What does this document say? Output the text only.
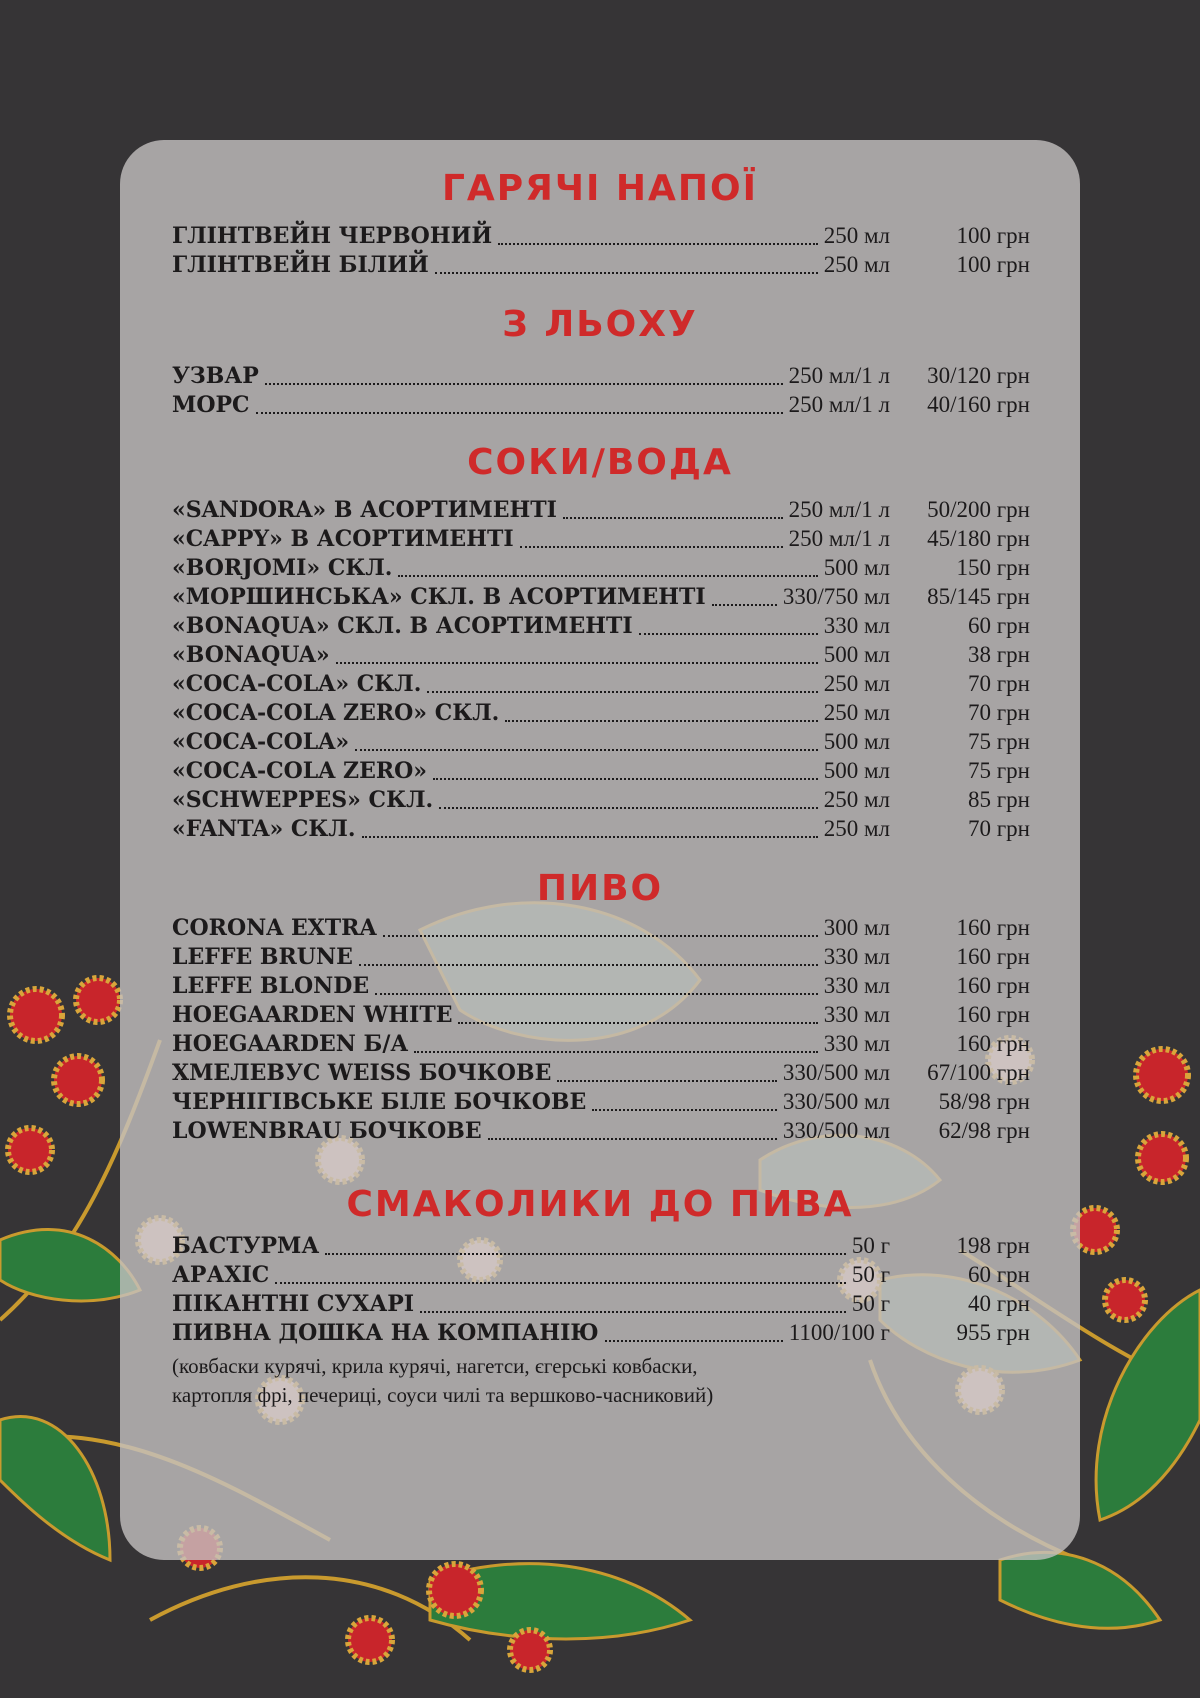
ГАРЯЧІ НАПОЇ
ГЛІНТВЕЙН ЧЕРВОНИЙ	250 мл	100 грн
ГЛІНТВЕЙН БІЛИЙ	250 мл	100 грн
З ЛЬОХУ
УЗВАР	250 мл/1 л 30/120 грн
МОРС	250 мл/1 л 40/160 грн
СОКИ/ВОДА
«SANDORA» В АСОРТИМЕНТІ	250 мл/1 л 50/200 грн
«CAPPY» В АСОРТИМЕНТІ	250 мл/1 л 45/180 грн
«BORJOMI» СКЛ.	500 мл	150 грн
«МОРШИНСЬКА» СКЛ. В АСОРТИМЕНТІ	330/750 мл 85/145 грн
«BONAQUA» СКЛ. В АСОРТИМЕНТІ	330 мл	60 грн
«BONAQUA»	500 мл	38 грн
«COCA-COLA» СКЛ.	250 мл	70 грн
«COCA-COLA ZERO» СКЛ.	250 мл	70 грн
«COCA-COLA»	500 мл	75 грн
«COCA-COLA ZERO»	500 мл	75 грн
«SCHWEPPES» СКЛ.	250 мл	85 грн
«FANTA» СКЛ.	250 мл	70 грн
ПИВО
CORONA EXTRA	300 мл	160 грн
LEFFE BRUNE	330 мл	160 грн
LEFFE BLONDE	330 мл	160 грн
HOEGAARDEN WHITE	330 мл	160 грн
HOEGAARDEN Б/А	330 мл	160 грн
ХМЕЛЕВУС WEISS БОЧКОВЕ	330/500 мл 67/100 грн
ЧЕРНІГІВСЬКЕ БІЛЕ БОЧКОВЕ	330/500 мл 58/98 грн
LOWENBRAU БОЧКОВЕ	330/500 мл 62/98 грн
СМАКОЛИКИ ДО ПИВА
БАСТУРМА	50 г	198 грн
АРАХІС	50 г	60 грн
ПІКАНТНІ СУХАРІ	50 г	40 грн
ПИВНА ДОШКА НА КОМПАНІЮ	1100/100 г	955 грн
(ковбаски курячі, крила курячі, нагетси, єгерські ковбаски,
картопля фрі, печериці, соуси чилі та вершково-часниковий)
